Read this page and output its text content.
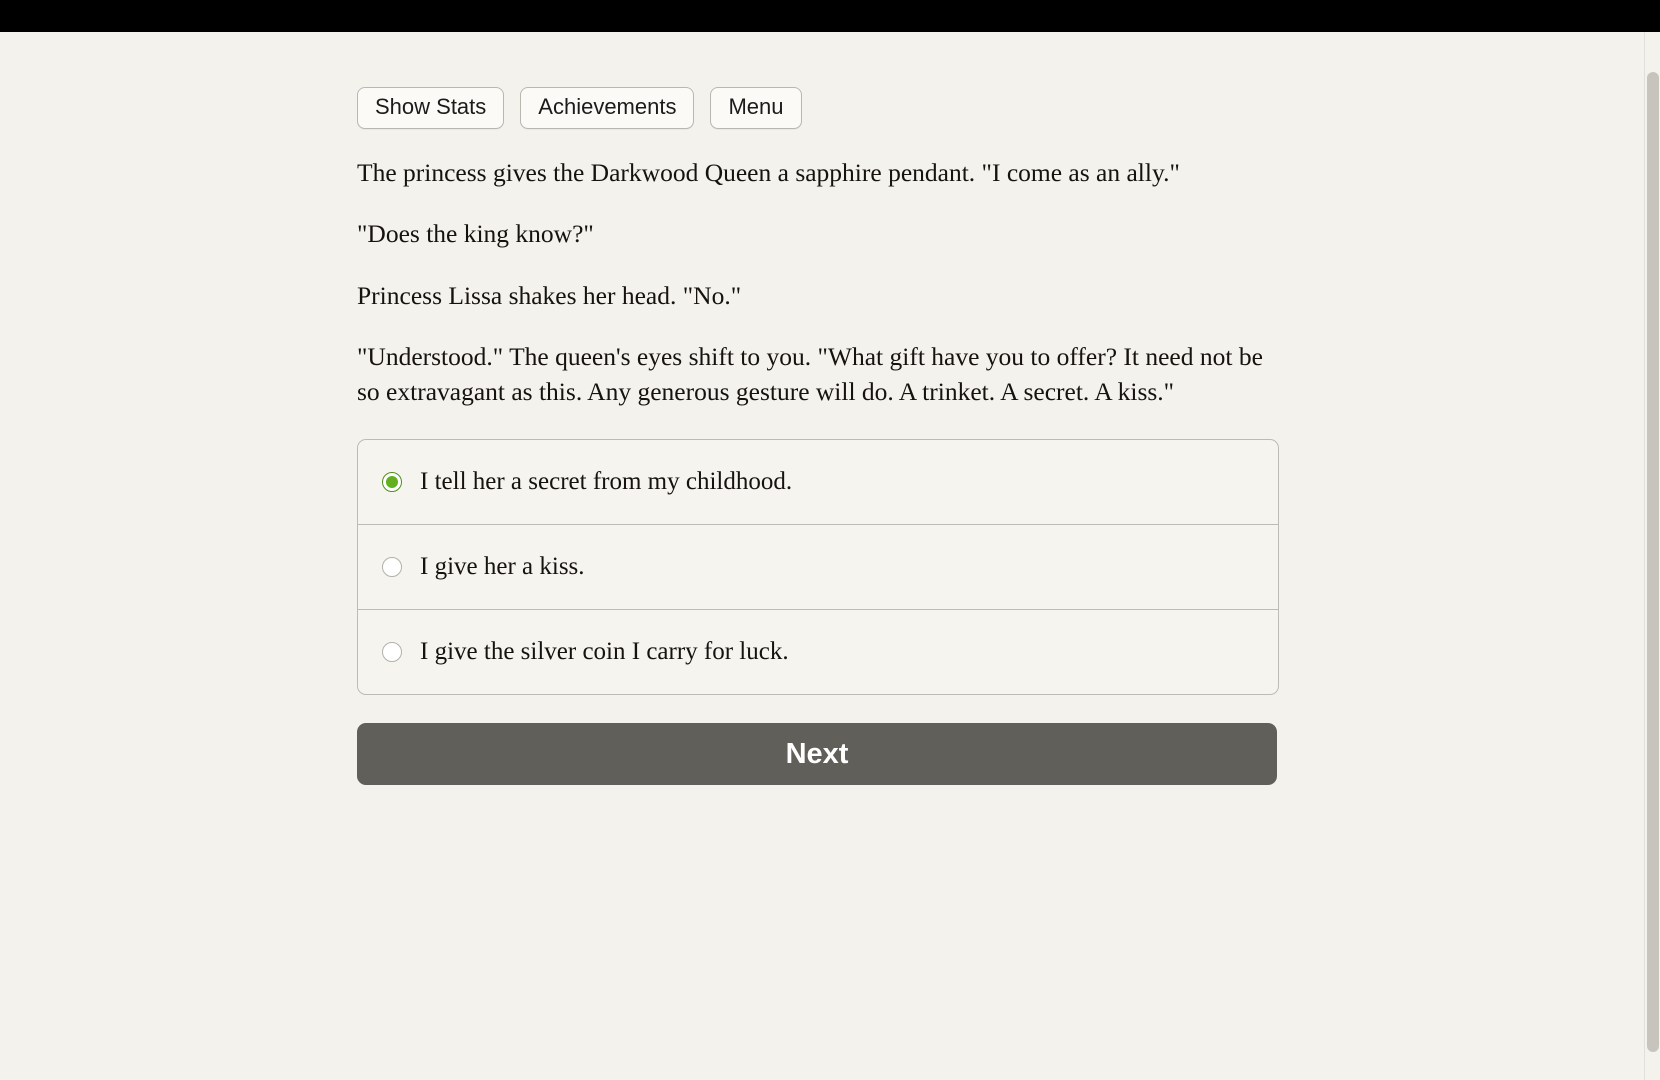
Show Stats	Achievements	Menu

The princess gives the Darkwood Queen a sapphire pendant. "I come as an ally."

"Does the king know?"

Princess Lissa shakes her head. "No."

"Understood." The queen's eyes shift to you. "What gift have you to offer? It need not be so extravagant as this. Any generous gesture will do. A trinket. A secret. A kiss."

I tell her a secret from my childhood.
I give her a kiss.
I give the silver coin I carry for luck.
Next
